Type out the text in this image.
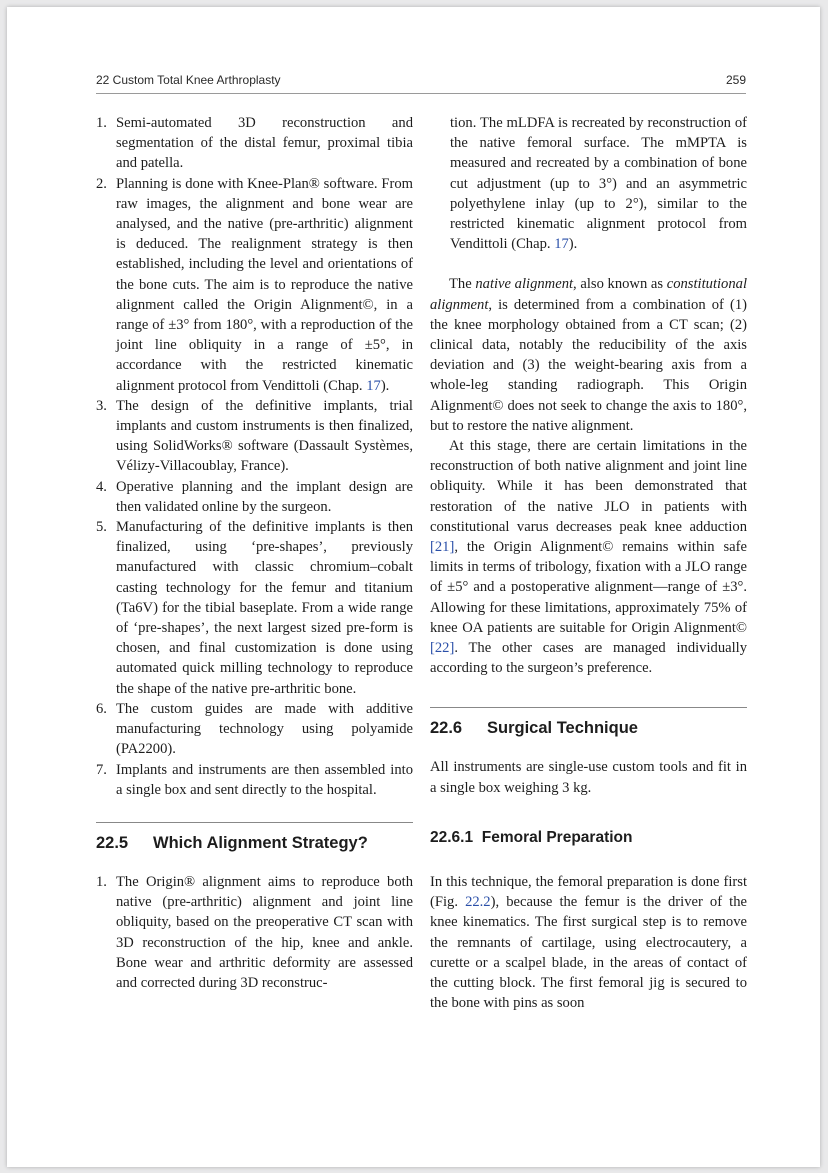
22 Custom Total Knee Arthroplasty	259
1. Semi-automated 3D reconstruction and segmentation of the distal femur, proximal tibia and patella.
2. Planning is done with Knee-Plan® software. From raw images, the alignment and bone wear are analysed, and the native (pre-arthritic) alignment is deduced. The realignment strategy is then established, including the level and orientations of the bone cuts. The aim is to reproduce the native alignment called the Origin Alignment©, in a range of ±3° from 180°, with a reproduction of the joint line obliquity in a range of ±5°, in accordance with the restricted kinematic alignment protocol from Vendittoli (Chap. 17).
3. The design of the definitive implants, trial implants and custom instruments is then finalized, using SolidWorks® software (Dassault Systèmes, Vélizy-Villacoublay, France).
4. Operative planning and the implant design are then validated online by the surgeon.
5. Manufacturing of the definitive implants is then finalized, using ‘pre-shapes’, previously manufactured with classic chromium–cobalt casting technology for the femur and titanium (Ta6V) for the tibial baseplate. From a wide range of ‘pre-shapes’, the next largest sized pre-form is chosen, and final customization is done using automated quick milling technology to reproduce the shape of the native pre-arthritic bone.
6. The custom guides are made with additive manufacturing technology using polyamide (PA2200).
7. Implants and instruments are then assembled into a single box and sent directly to the hospital.
22.5 Which Alignment Strategy?
1. The Origin® alignment aims to reproduce both native (pre-arthritic) alignment and joint line obliquity, based on the preoperative CT scan with 3D reconstruction of the hip, knee and ankle. Bone wear and arthritic deformity are assessed and corrected during 3D reconstruc-

tion. The mLDFA is recreated by reconstruction of the native femoral surface. The mMPTA is measured and recreated by a combination of bone cut adjustment (up to 3°) and an asymmetric polyethylene inlay (up to 2°), similar to the restricted kinematic alignment protocol from Vendittoli (Chap. 17).

The native alignment, also known as constitutional alignment, is determined from a combination of (1) the knee morphology obtained from a CT scan; (2) clinical data, notably the reducibility of the axis deviation and (3) the weight-bearing axis from a whole-leg standing radiograph. This Origin Alignment© does not seek to change the axis to 180°, but to restore the native alignment.

At this stage, there are certain limitations in the reconstruction of both native alignment and joint line obliquity. While it has been demonstrated that restoration of the native JLO in patients with constitutional varus decreases peak knee adduction [21], the Origin Alignment© remains within safe limits in terms of tribology, fixation with a JLO range of ±5° and a postoperative alignment—range of ±3°. Allowing for these limitations, approximately 75% of knee OA patients are suitable for Origin Alignment© [22]. The other cases are managed individually according to the surgeon’s preference.

22.6 Surgical Technique

All instruments are single-use custom tools and fit in a single box weighing 3 kg.

22.6.1 Femoral Preparation

In this technique, the femoral preparation is done first (Fig. 22.2), because the femur is the driver of the knee kinematics. The first surgical step is to remove the remnants of cartilage, using electrocautery, a curette or a scalpel blade, in the areas of contact of the cutting block. The first femoral jig is secured to the bone with pins as soon
